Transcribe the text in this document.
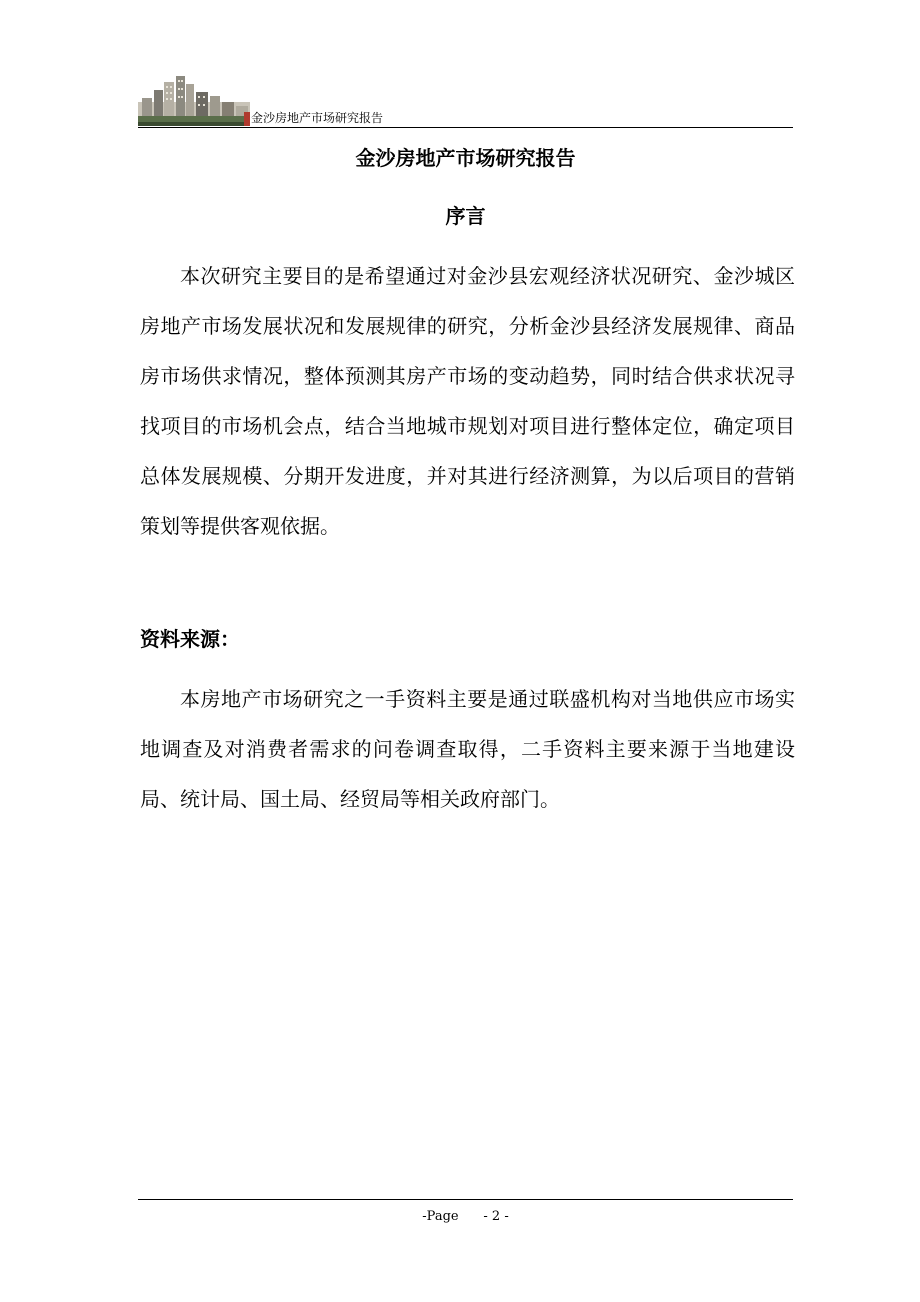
金沙房地产市场研究报告
金沙房地产市场研究报告
序言

本次研究主要目的是希望通过对金沙县宏观经济状况研究、金沙城区房地产市场发展状况和发展规律的研究，分析金沙县经济发展规律、商品房市场供求情况，整体预测其房产市场的变动趋势，同时结合供求状况寻找项目的市场机会点，结合当地城市规划对项目进行整体定位，确定项目总体发展规模、分期开发进度，并对其进行经济测算，为以后项目的营销策划等提供客观依据。

资料来源：

本房地产市场研究之一手资料主要是通过联盛机构对当地供应市场实地调查及对消费者需求的问卷调查取得，二手资料主要来源于当地建设局、统计局、国土局、经贸局等相关政府部门。

-Page      - 2 -
